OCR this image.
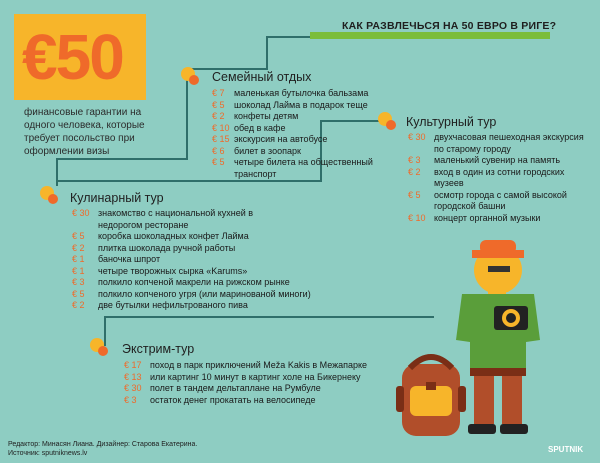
€50
финансовые гарантии на одного человека, которые требует посольство при оформлении визы
КАК РАЗВЛЕЧЬСЯ НА 50 ЕВРО В РИГЕ?
Семейный отдых
€ 7	маленькая бутылочка бальзама
€ 5	шоколад Лайма в подарок теще
€ 2	конфеты детям
€ 10 обед в кафе
€ 15 экскурсия на автобусе
€ 6	билет в зоопарк
€ 5	четыре билета на общественный транспорт
Культурный тур
€ 30 двухчасовая пешеходная экскурсия по старому городу
€ 3	маленький сувенир на память
€ 2	вход в один из сотни городских музеев
€ 5	осмотр города с самой высокой городской башни
€ 10 концерт органной музыки
Кулинарный тур
€ 30 знакомство с национальной кухней в недорогом ресторане
€ 5	коробка шоколадных конфет Лайма
€ 2	плитка шоколада ручной работы
€ 1	баночка шпрот
€ 1	четыре творожных сырка «Karums»
€ 3	полкило копченой макрели на рижском рынке
€ 5	полкило копченого угря (или маринованой миноги)
€ 2	две бутылки нефильтрованого пива
Экстрим-тур
€ 17 поход в парк приключений Meža Kakis в Межапарке
€ 13 или картинг 10 минут в картинг холе на Бикернеку
€ 30 полет в тандем дельтаплане на Румбуле
€ 3	остаток денег прокатать на велосипеде
Редактор: Минасян Лиана. Дизайнер: Старова Екатерина.
Источник: sputniknews.lv	SPUTNIK
